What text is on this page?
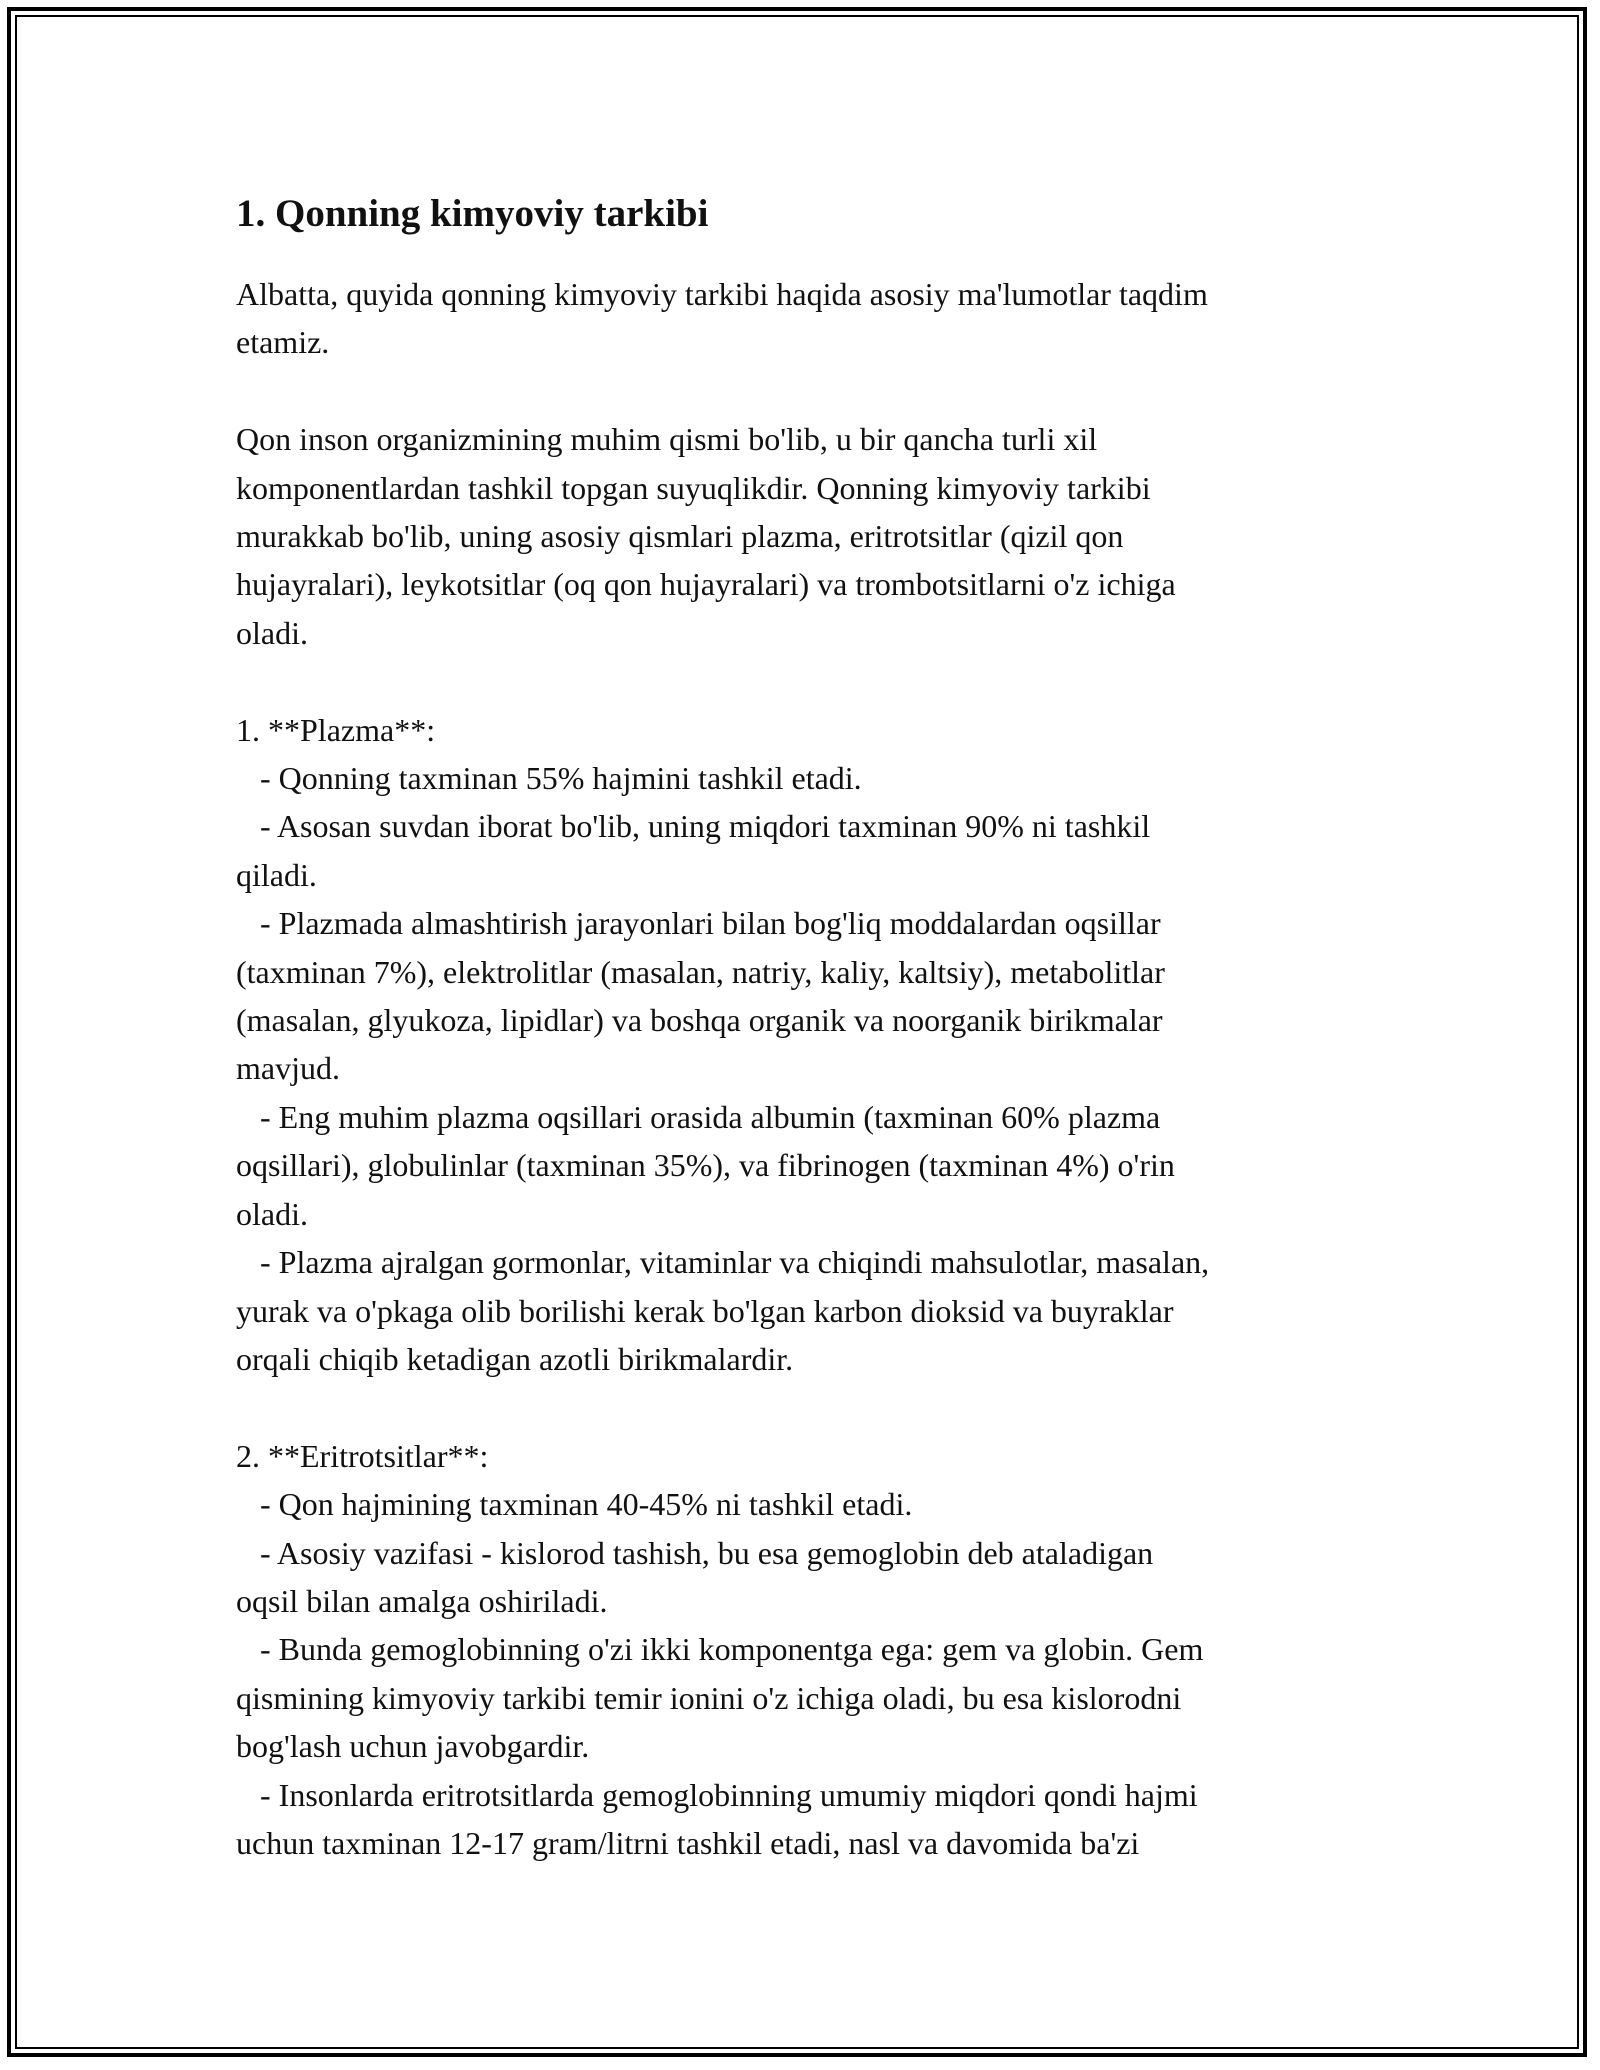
1. Qonning kimyoviy tarkibi
Albatta, quyida qonning kimyoviy tarkibi haqida asosiy ma'lumotlar taqdim
etamiz.
Qon inson organizmining muhim qismi bo'lib, u bir qancha turli xil
komponentlardan tashkil topgan suyuqlikdir. Qonning kimyoviy tarkibi
murakkab bo'lib, uning asosiy qismlari plazma, eritrotsitlar (qizil qon
hujayralari), leykotsitlar (oq qon hujayralari) va trombotsitlarni o'z ichiga
oladi.
1. **Plazma**:
- Qonning taxminan 55% hajmini tashkil etadi.
- Asosan suvdan iborat bo'lib, uning miqdori taxminan 90% ni tashkil
qiladi.
- Plazmada almashtirish jarayonlari bilan bog'liq moddalardan oqsillar
(taxminan 7%), elektrolitlar (masalan, natriy, kaliy, kaltsiy), metabolitlar
(masalan, glyukoza, lipidlar) va boshqa organik va noorganik birikmalar
mavjud.
- Eng muhim plazma oqsillari orasida albumin (taxminan 60% plazma
oqsillari), globulinlar (taxminan 35%), va fibrinogen (taxminan 4%) o'rin
oladi.
- Plazma ajralgan gormonlar, vitaminlar va chiqindi mahsulotlar, masalan,
yurak va o'pkaga olib borilishi kerak bo'lgan karbon dioksid va buyraklar
orqali chiqib ketadigan azotli birikmalardir.
2. **Eritrotsitlar**:
- Qon hajmining taxminan 40-45% ni tashkil etadi.
- Asosiy vazifasi - kislorod tashish, bu esa gemoglobin deb ataladigan
oqsil bilan amalga oshiriladi.
- Bunda gemoglobinning o'zi ikki komponentga ega: gem va globin. Gem
qismining kimyoviy tarkibi temir ionini o'z ichiga oladi, bu esa kislorodni
bog'lash uchun javobgardir.
- Insonlarda eritrotsitlarda gemoglobinning umumiy miqdori qondi hajmi
uchun taxminan 12-17 gram/litrni tashkil etadi, nasl va davomida ba'zi
